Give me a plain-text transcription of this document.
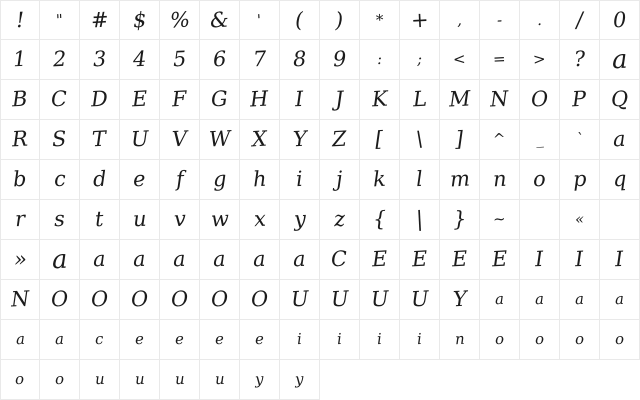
! " # $ % & ' ( ) * + , - . / 0
1 2 3 4 5 6 7 8 9 : ; < = > ? a
B C D E F G H I J K L M N O P Q
R S T U V W X Y Z [ \ ] ^ _ ` a
b c d e f g h i j k l m n o p q
r s t u v w x y z { | } ~	«
» a a a a a a a C E E E E I I I
N O O O O O O U U U U Y a a a a
a a c e e e e i i i i n o o o o
o o u u u u y y
